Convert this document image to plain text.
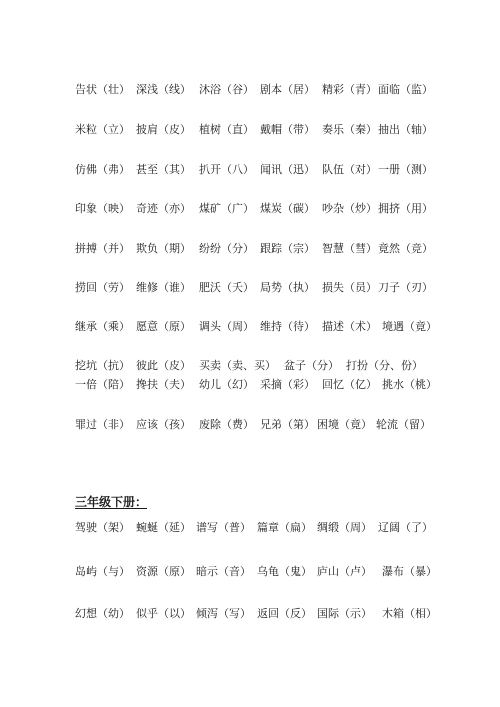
告状（壮） 深浅（线） 沐浴（谷） 剧本（居） 精彩（青） 面临（监）
米粒（立） 披肩（皮） 植树（直） 戴帽（带） 奏乐（秦） 抽出（轴）
仿佛（弗） 甚至（其） 扒开（八） 闻讯（迅） 队伍（对） 一册（测）
印象（映） 奇迹（亦） 煤矿（广） 煤炭（碳） 吵杂（炒） 拥挤（用）
拼搏（并） 欺负（期） 纷纷（分） 跟踪（宗） 智慧（彗） 竟然（竞）
捞回（劳） 维修（谁） 肥沃（夭） 局势（执） 损失（员） 刀子（刃）
继承（乘） 愿意（原） 调头（周） 维持（待） 描述（术） 境遇（竟）
挖坑（抗） 彼此（皮） 买卖（卖、买） 盆子（分） 打扮（分、份）
一倍（陪） 搀扶（夫） 幼儿（幻） 采摘（彩） 回忆（亿） 挑水（桃）
罪过（非） 应该（孩） 废除（费） 兄弟（第） 困境（竟） 轮流（留）
三年级下册：
驾驶（架） 蜿蜒（延） 谱写（普） 篇章（扁） 绸缎（周） 辽阔（了）
岛屿（与） 资源（原） 暗示（音） 乌龟（鬼） 庐山（卢） 瀑布（暴）
幻想（幼） 似乎（以） 倾泻（写） 返回（反） 国际（示） 木箱（相）
